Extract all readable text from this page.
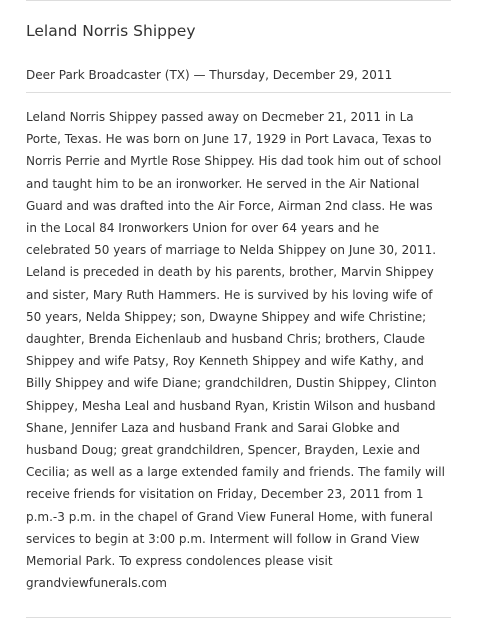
Leland Norris Shippey
Deer Park Broadcaster (TX) — Thursday, December 29, 2011
Leland Norris Shippey passed away on Decmeber 21, 2011 in La
Porte, Texas. He was born on June 17, 1929 in Port Lavaca, Texas to
Norris Perrie and Myrtle Rose Shippey. His dad took him out of school
and taught him to be an ironworker. He served in the Air National
Guard and was drafted into the Air Force, Airman 2nd class. He was
in the Local 84 Ironworkers Union for over 64 years and he
celebrated 50 years of marriage to Nelda Shippey on June 30, 2011.
Leland is preceded in death by his parents, brother, Marvin Shippey
and sister, Mary Ruth Hammers. He is survived by his loving wife of
50 years, Nelda Shippey; son, Dwayne Shippey and wife Christine;
daughter, Brenda Eichenlaub and husband Chris; brothers, Claude
Shippey and wife Patsy, Roy Kenneth Shippey and wife Kathy, and
Billy Shippey and wife Diane; grandchildren, Dustin Shippey, Clinton
Shippey, Mesha Leal and husband Ryan, Kristin Wilson and husband
Shane, Jennifer Laza and husband Frank and Sarai Globke and
husband Doug; great grandchildren, Spencer, Brayden, Lexie and
Cecilia; as well as a large extended family and friends. The family will
receive friends for visitation on Friday, December 23, 2011 from 1
p.m.-3 p.m. in the chapel of Grand View Funeral Home, with funeral
services to begin at 3:00 p.m. Interment will follow in Grand View
Memorial Park. To express condolences please visit
grandviewfunerals.com
